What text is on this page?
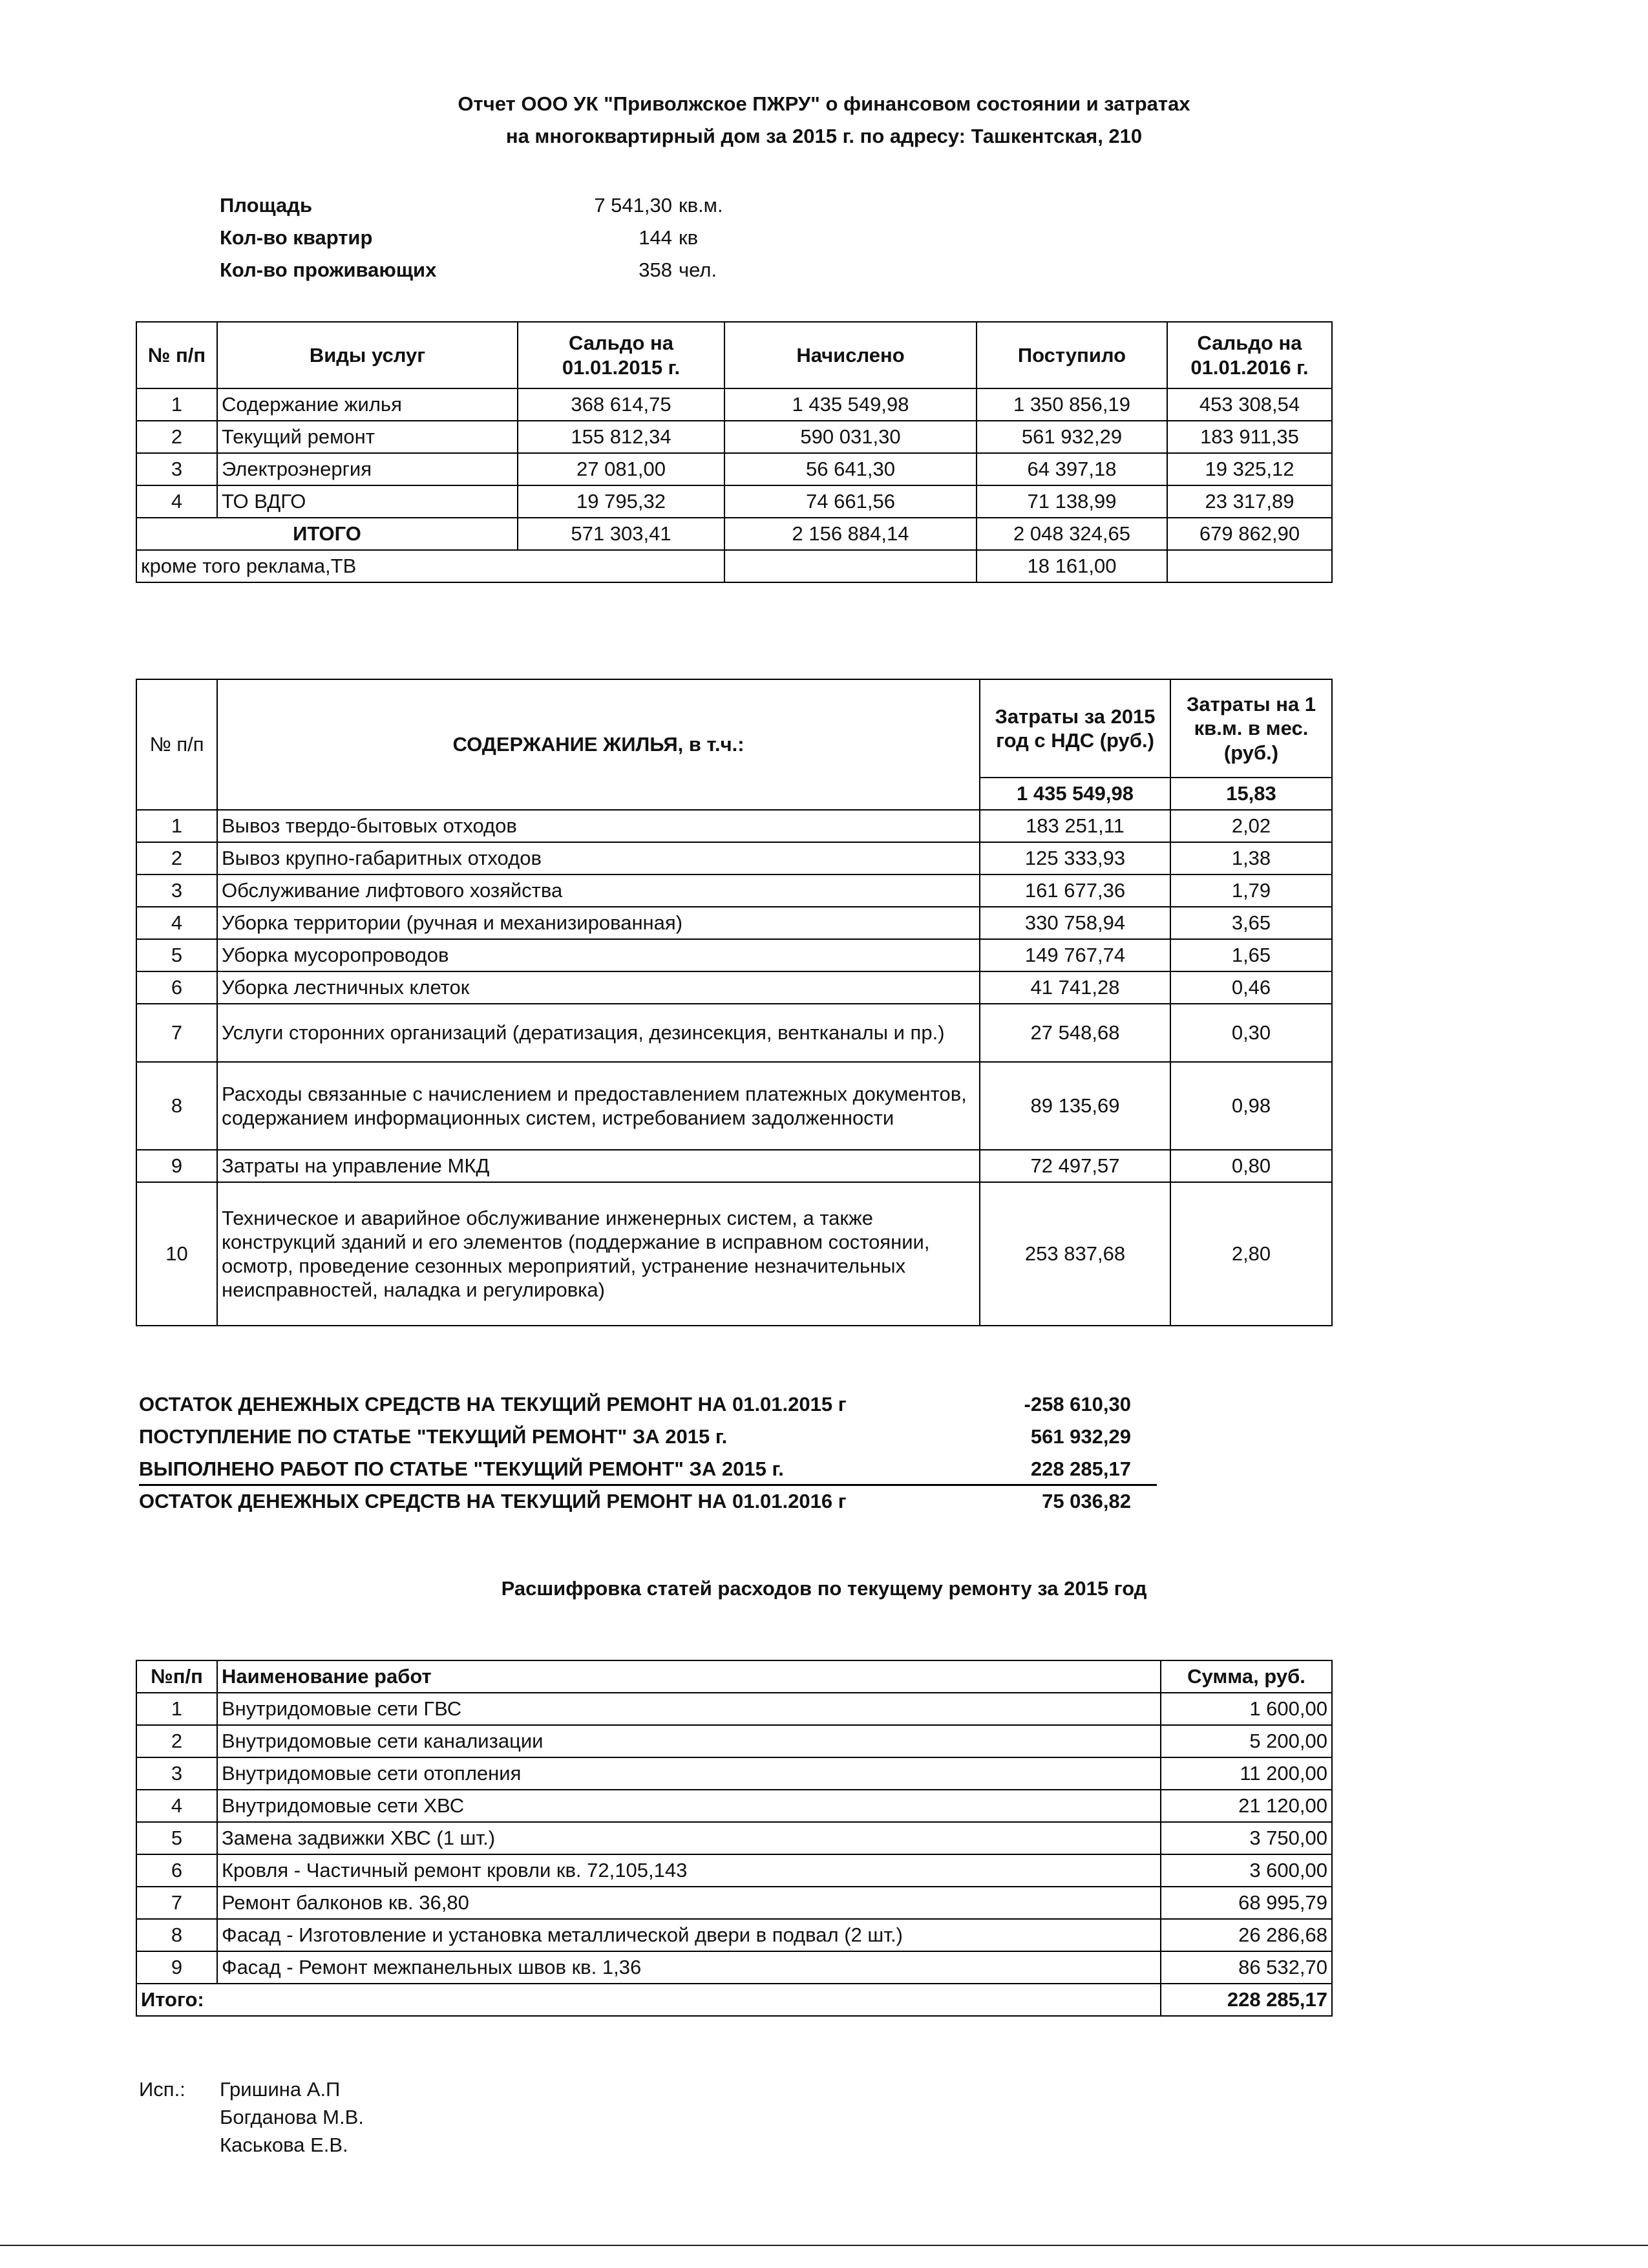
Отчет ООО УК "Приволжское ПЖРУ" о финансовом состоянии и затратах
на многоквартирный дом за 2015 г. по адресу: Ташкентская, 210
Площадь	7 541,30 кв.м.
Кол-во квартир	144 кв
Кол-во проживающих	358 чел.
№ п/п	Виды услуг	Сальдо на 01.01.2015 г.	Начислено	Поступило	Сальдо на 01.01.2016 г.
1	Содержание жилья	368 614,75	1 435 549,98	1 350 856,19	453 308,54
2	Текущий ремонт	155 812,34	590 031,30	561 932,29	183 911,35
3	Электроэнергия	27 081,00	56 641,30	64 397,18	19 325,12
4	ТО ВДГО	19 795,32	74 661,56	71 138,99	23 317,89
ИТОГО		571 303,41	2 156 884,14	2 048 324,65	679 862,90
кроме того реклама,ТВ				18 161,00	
№ п/п	СОДЕРЖАНИЕ ЖИЛЬЯ, в т.ч.:	Затраты за 2015 год с НДС (руб.)	Затраты на 1 кв.м. в мес. (руб.)
		1 435 549,98	15,83
1	Вывоз твердо-бытовых отходов	183 251,11	2,02
2	Вывоз крупно-габаритных отходов	125 333,93	1,38
3	Обслуживание лифтового хозяйства	161 677,36	1,79
4	Уборка территории (ручная и механизированная)	330 758,94	3,65
5	Уборка мусоропроводов	149 767,74	1,65
6	Уборка лестничных клеток	41 741,28	0,46
7	Услуги сторонних организаций (дератизация, дезинсекция, вентканалы и пр.)	27 548,68	0,30
8	Расходы связанные с начислением и предоставлением платежных документов, содержанием информационных систем, истребованием задолженности	89 135,69	0,98
9	Затраты на управление МКД	72 497,57	0,80
10	Техническое и аварийное обслуживание инженерных систем, а также конструкций зданий и его элементов (поддержание в исправном состоянии, осмотр, проведение сезонных мероприятий, устранение незначительных неисправностей, наладка и регулировка)	253 837,68	2,80
ОСТАТОК ДЕНЕЖНЫХ СРЕДСТВ НА ТЕКУЩИЙ РЕМОНТ НА 01.01.2015 г	-258 610,30
ПОСТУПЛЕНИЕ ПО СТАТЬЕ "ТЕКУЩИЙ РЕМОНТ" ЗА 2015 г.	561 932,29
ВЫПОЛНЕНО РАБОТ ПО СТАТЬЕ "ТЕКУЩИЙ РЕМОНТ" ЗА 2015 г.	228 285,17
ОСТАТОК ДЕНЕЖНЫХ СРЕДСТВ НА ТЕКУЩИЙ РЕМОНТ НА 01.01.2016 г	75 036,82
Расшифровка статей расходов по текущему ремонту за 2015 год
№п/п	Наименование работ	Сумма, руб.
1	Внутридомовые сети ГВС	1 600,00
2	Внутридомовые сети канализации	5 200,00
3	Внутридомовые сети отопления	11 200,00
4	Внутридомовые сети ХВС	21 120,00
5	Замена задвижки ХВС (1 шт.)	3 750,00
6	Кровля - Частичный ремонт кровли кв. 72,105,143	3 600,00
7	Ремонт балконов кв. 36,80	68 995,79
8	Фасад - Изготовление и установка металлической двери в подвал (2 шт.)	26 286,68
9	Фасад - Ремонт межпанельных швов кв. 1,36	86 532,70
Итого:		228 285,17
Исп.: Гришина А.П
Богданова М.В.
Каськова Е.В.
